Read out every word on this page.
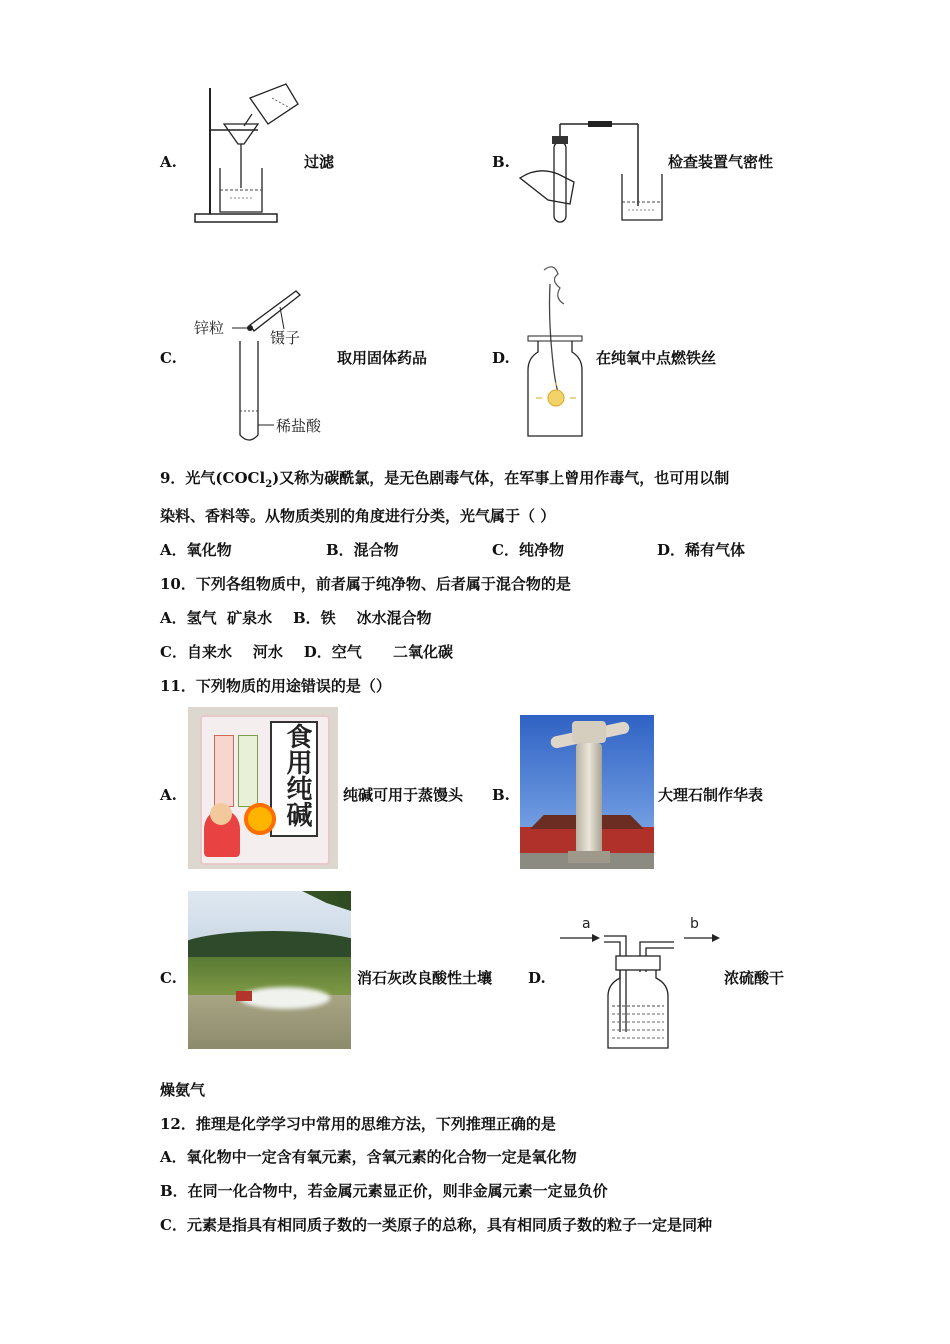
A.	过滤	B.	检查装置气密性
C.
锌粒
镊子
稀盐酸
取用固体药品	D.	在纯氧中点燃铁丝
9．光气(COCl$_2$)又称为碳酰氯，是无色剧毒气体，在军事上曾用作毒气，也可用以制
染料、香料等。从物质类别的角度进行分类，光气属于（ ）
A．氧化物	B．混合物	C．纯净物	D．稀有气体
10．下列各组物质中，前者属于纯净物、后者属于混合物的是
A．氢气  矿泉水    B．铁    冰水混合物
C．自来水    河水    D．空气      二氧化碳
11．下列物质的用途错误的是（）
A.	食用纯碱 纯碱可用于蒸馒头 B.	大理石制作华表
C.	消石灰改良酸性土壤 D.
a	b
浓硫酸干
燥氨气
12．推理是化学学习中常用的思维方法，下列推理正确的是
A．氧化物中一定含有氧元素，含氧元素的化合物一定是氧化物
B．在同一化合物中，若金属元素显正价，则非金属元素一定显负价
C．元素是指具有相同质子数的一类原子的总称，具有相同质子数的粒子一定是同种
